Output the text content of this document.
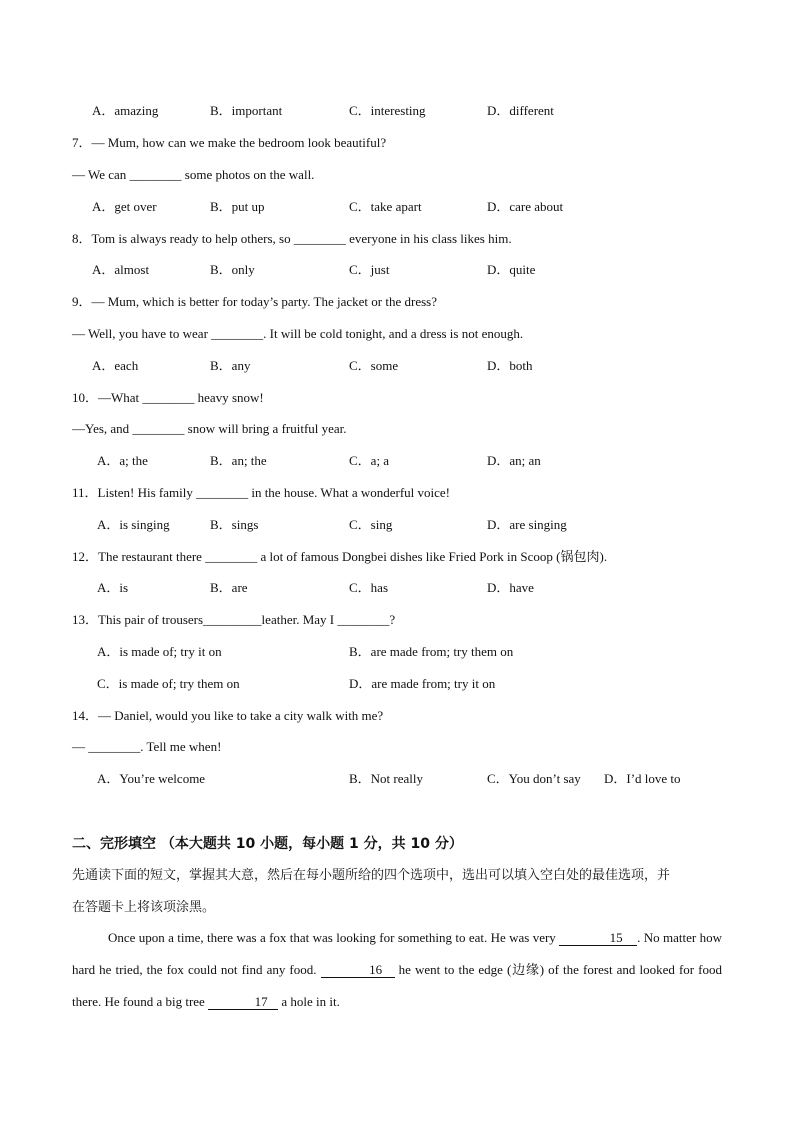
A．amazing	B．important	C．interesting	D．different
7．— Mum, how can we make the bedroom look beautiful?
— We can ________ some photos on the wall.
A．get over	B．put up	C．take apart	D．care about
8．Tom is always ready to help others, so ________ everyone in his class likes him.
A．almost	B．only	C．just	D．quite
9．— Mum, which is better for today’s party. The jacket or the dress?
— Well, you have to wear ________. It will be cold tonight, and a dress is not enough.
A．each	B．any	C．some	D．both
10．—What ________ heavy snow!
—Yes, and ________ snow will bring a fruitful year.
A．a; the	B．an; the	C．a; a	D．an; an
11．Listen! His family ________ in the house. What a wonderful voice!
A．is singing	B．sings	C．sing	D．are singing
12．The restaurant there ________ a lot of famous Dongbei dishes like Fried Pork in Scoop (锅包肉).
A．is	B．are	C．has	D．have
13．This pair of trousers_________leather. May I ________?
A．is made of; try it on	B．are made from; try them on
C．is made of; try them on	D．are made from; try it on
14．— Daniel, would you like to take a city walk with me?
— ________. Tell me when!
A．You’re welcome	B．Not really	C．You don’t say D．I’d love to
二、完形填空 （本大题共 10 小题，每小题 1 分，共 10 分）
先通读下面的短文，掌握其大意，然后在每小题所给的四个选项中，选出可以填入空白处的最佳选项，并
在答题卡上将该项涂黑。
Once upon a time, there was a fox that was looking for something to eat. He was very	15 . No matter how hard he tried, the fox could not find any food.	16 he went to the edge (边缘) of the forest and looked for food there. He found a big tree	17 a hole in it.
